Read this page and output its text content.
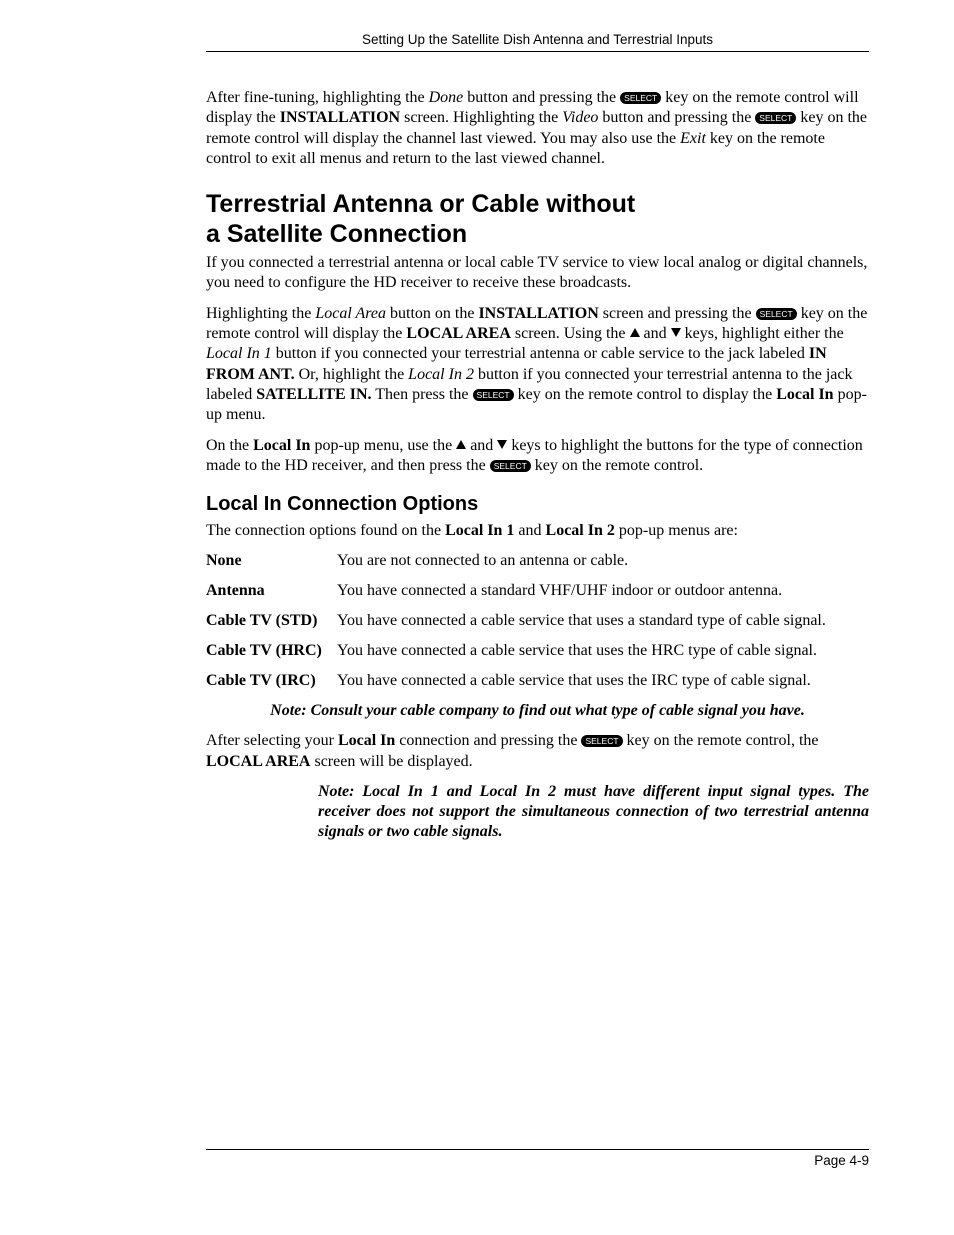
Setting Up the Satellite Dish Antenna and Terrestrial Inputs

After fine-tuning, highlighting the Done button and pressing the SELECT key on the remote control will display the INSTALLATION screen. Highlighting the Video button and pressing the SELECT key on the remote control will display the channel last viewed. You may also use the Exit key on the remote control to exit all menus and return to the last viewed channel.

Terrestrial Antenna or Cable without
a Satellite Connection

If you connected a terrestrial antenna or local cable TV service to view local analog or digital channels, you need to configure the HD receiver to receive these broadcasts.

Highlighting the Local Area button on the INSTALLATION screen and pressing the SELECT key on the remote control will display the LOCAL AREA screen. Using the  and  keys, highlight either the Local In 1 button if you connected your terrestrial antenna or cable service to the jack labeled IN FROM ANT. Or, highlight the Local In 2 button if you connected your terrestrial antenna to the jack labeled SATELLITE IN. Then press the SELECT key on the remote control to display the Local In pop-up menu.

On the Local In pop-up menu, use the  and  keys to highlight the buttons for the type of connection made to the HD receiver, and then press the SELECT key on the remote control.

Local In Connection Options

The connection options found on the Local In 1 and Local In 2 pop-up menus are:

None	You are not connected to an antenna or cable.
Antenna	You have connected a standard VHF/UHF indoor or outdoor antenna.
Cable TV (STD)	You have connected a cable service that uses a standard type of cable signal.
Cable TV (HRC) You have connected a cable service that uses the HRC type of cable signal.
Cable TV (IRC)	You have connected a cable service that uses the IRC type of cable signal.

Note: Consult your cable company to find out what type of cable signal you have.

After selecting your Local In connection and pressing the SELECT key on the remote control, the LOCAL AREA screen will be displayed.

Note: Local In 1 and Local In 2 must have different input signal types. The receiver does not support the simultaneous connection of two terrestrial antenna signals or two cable signals.

Page 4-9
